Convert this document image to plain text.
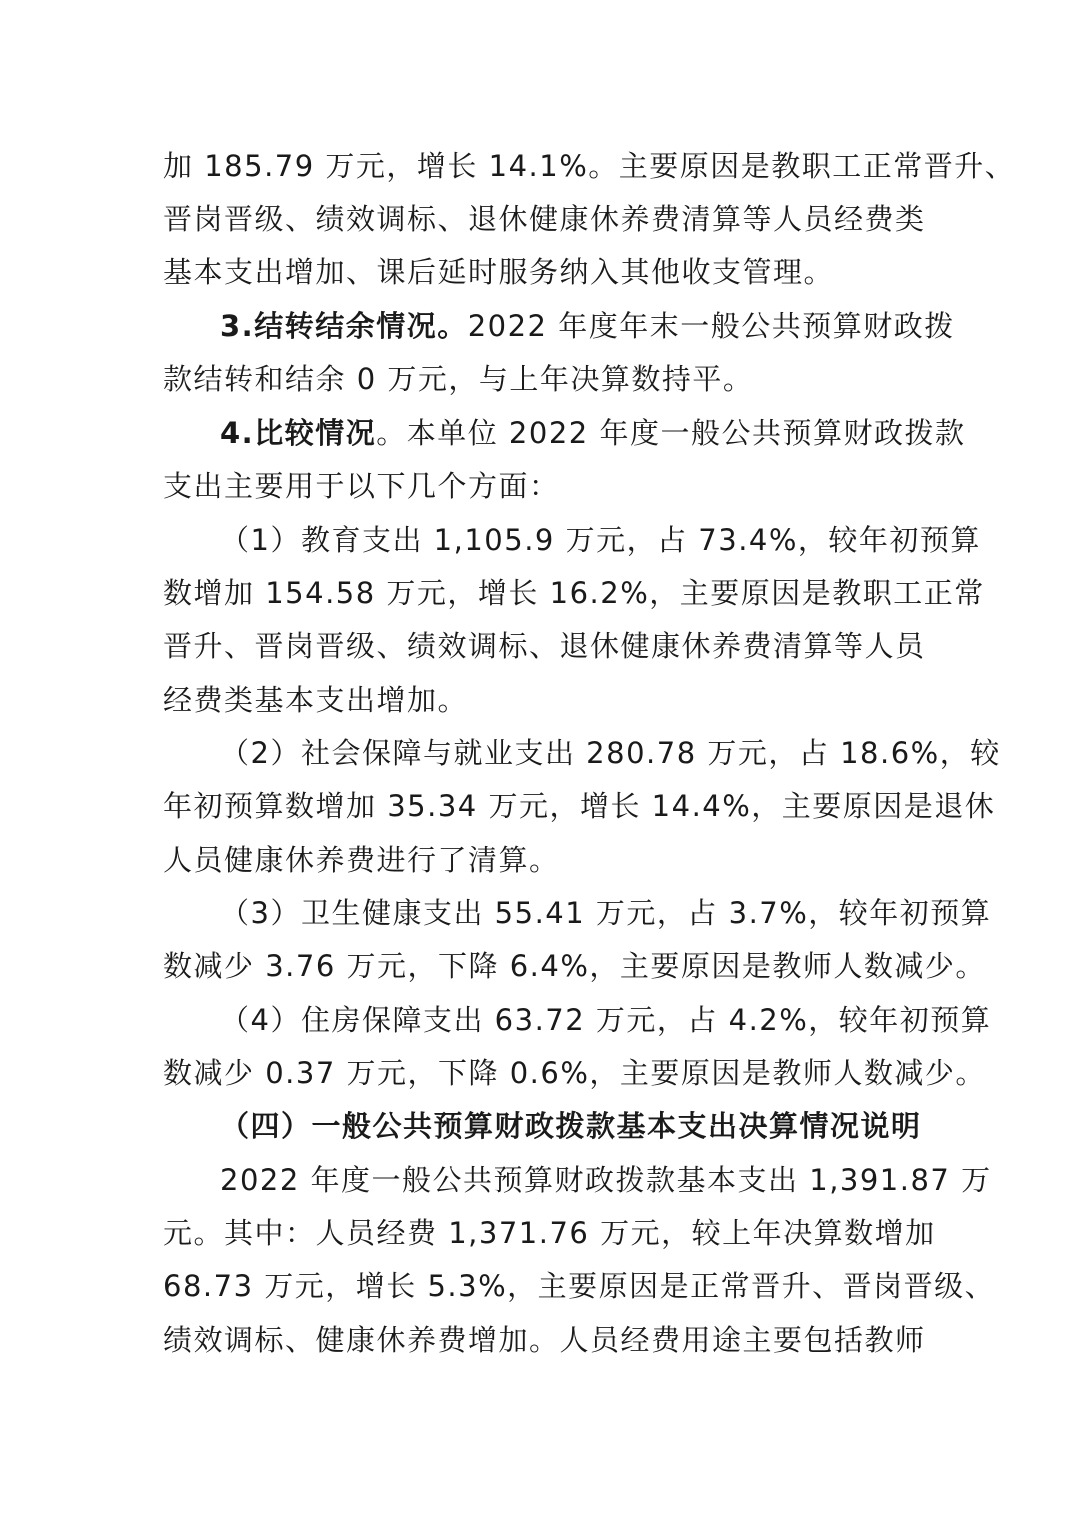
加 185.79 万元，增长 14.1%。主要原因是教职工正常晋升、
晋岗晋级、绩效调标、退休健康休养费清算等人员经费类
基本支出增加、课后延时服务纳入其他收支管理。
3.结转结余情况。2022 年度年末一般公共预算财政拨
款结转和结余 0 万元，与上年决算数持平。
4.比较情况。本单位 2022 年度一般公共预算财政拨款
支出主要用于以下几个方面：
（1）教育支出 1,105.9 万元，占 73.4%，较年初预算
数增加 154.58 万元，增长 16.2%，主要原因是教职工正常
晋升、晋岗晋级、绩效调标、退休健康休养费清算等人员
经费类基本支出增加。
（2）社会保障与就业支出 280.78 万元，占 18.6%，较
年初预算数增加 35.34 万元，增长 14.4%，主要原因是退休
人员健康休养费进行了清算。
（3）卫生健康支出 55.41 万元，占 3.7%，较年初预算
数减少 3.76 万元，下降 6.4%，主要原因是教师人数减少。
（4）住房保障支出 63.72 万元，占 4.2%，较年初预算
数减少 0.37 万元，下降 0.6%，主要原因是教师人数减少。
（四）一般公共预算财政拨款基本支出决算情况说明
2022 年度一般公共预算财政拨款基本支出 1,391.87 万
元。其中：人员经费 1,371.76 万元，较上年决算数增加
68.73 万元，增长 5.3%，主要原因是正常晋升、晋岗晋级、
绩效调标、健康休养费增加。人员经费用途主要包括教师
